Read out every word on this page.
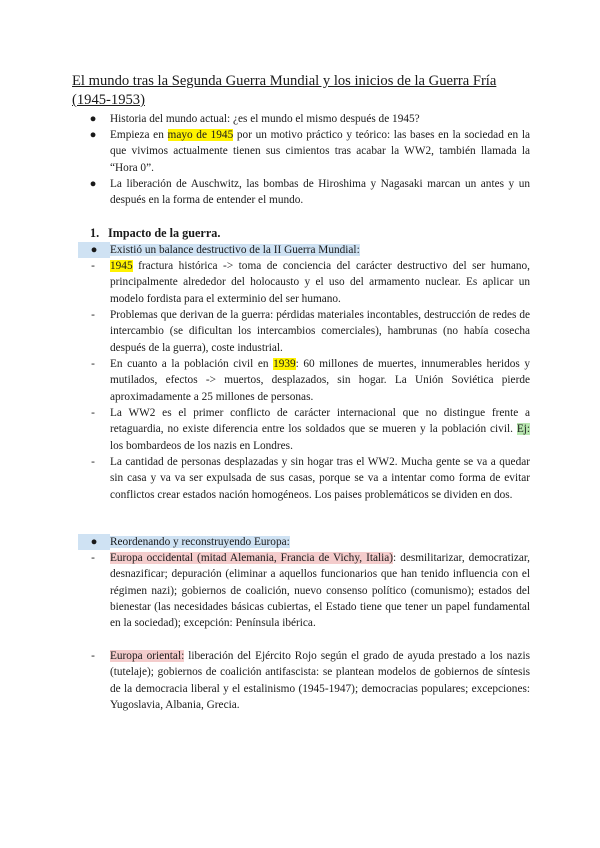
El mundo tras la Segunda Guerra Mundial y los inicios de la Guerra Fría (1945-1953)
●	Historia del mundo actual: ¿es el mundo el mismo después de 1945?
●	Empieza en mayo de 1945 por un motivo práctico y teórico: las bases en la sociedad en la que vivimos actualmente tienen sus cimientos tras acabar la WW2, también llamada la “Hora 0”.
●	La liberación de Auschwitz, las bombas de Hiroshima y Nagasaki marcan un antes y un después en la forma de entender el mundo.
1. Impacto de la guerra.
●	Existió un balance destructivo de la II Guerra Mundial:
-	1945 fractura histórica -> toma de conciencia del carácter destructivo del ser humano, principalmente alrededor del holocausto y el uso del armamento nuclear. Es aplicar un modelo fordista para el exterminio del ser humano.
-	Problemas que derivan de la guerra: pérdidas materiales incontables, destrucción de redes de intercambio (se dificultan los intercambios comerciales), hambrunas (no había cosecha después de la guerra), coste industrial.
-	En cuanto a la población civil en 1939: 60 millones de muertes, innumerables heridos y mutilados, efectos -> muertos, desplazados, sin hogar. La Unión Soviética pierde aproximadamente a 25 millones de personas.
-	La WW2 es el primer conflicto de carácter internacional que no distingue frente a retaguardia, no existe diferencia entre los soldados que se mueren y la población civil. Ej: los bombardeos de los nazis en Londres.
-	La cantidad de personas desplazadas y sin hogar tras el WW2. Mucha gente se va a quedar sin casa y va va ser expulsada de sus casas, porque se va a intentar como forma de evitar conflictos crear estados nación homogéneos. Los paises problemáticos se dividen en dos.
●	Reordenando y reconstruyendo Europa:
-	Europa occidental (mitad Alemania, Francia de Vichy, Italia): desmilitarizar, democratizar, desnazificar; depuración (eliminar a aquellos funcionarios que han tenido influencia con el régimen nazi); gobiernos de coalición, nuevo consenso político (comunismo); estados del bienestar (las necesidades básicas cubiertas, el Estado tiene que tener un papel fundamental en la sociedad); excepción: Península ibérica.
-	Europa oriental: liberación del Ejército Rojo según el grado de ayuda prestado a los nazis (tutelaje); gobiernos de coalición antifascista: se plantean modelos de gobiernos de síntesis de la democracia liberal y el estalinismo (1945-1947); democracias populares; excepciones: Yugoslavia, Albania, Grecia.
